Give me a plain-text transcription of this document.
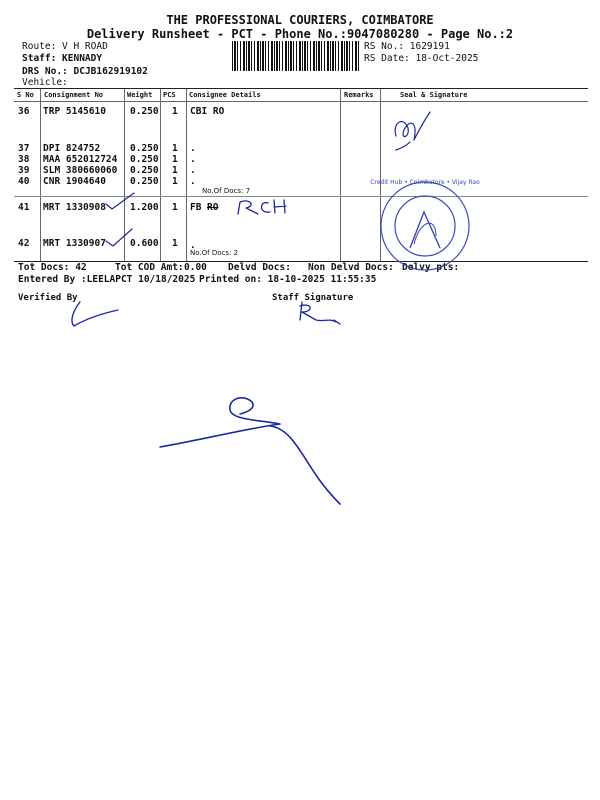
THE PROFESSIONAL COURIERS, COIMBATORE
Delivery Runsheet - PCT - Phone No.:9047080280 - Page No.:2
Route: V H ROAD
Staff: KENNADY
DRS No.: DCJB162919102
Vehicle:
RS No.: 1629191
RS Date: 18-Oct-2025
S No Consignment No	Weight PCS Consignee Details	Remarks	Seal & Signature
36 TRP 5145610	0.250 1 CBI RO
37 DPI 824752	0.250 1 .
38 MAA 652012724 0.250 1 .
39 SLM 380660060 0.250 1 .
40 CNR 1904640	0.250 1 .
No.Of Docs: 7
41 MRT 1330908	1.200 1 FB RO
42 MRT 1330907	0.600 1 .
No.Of Docs: 2
Tot Docs: 42	Tot COD Amt: 0.00 Delvd Docs: Non Delvd Docs: Delvy pts:
Entered By :LEELAPCT 10/18/2025 Printed on: 18-10-2025 11:55:35
Verified By	Staff Signature
Credit Hub • Coimbatore • Vijay Rao
